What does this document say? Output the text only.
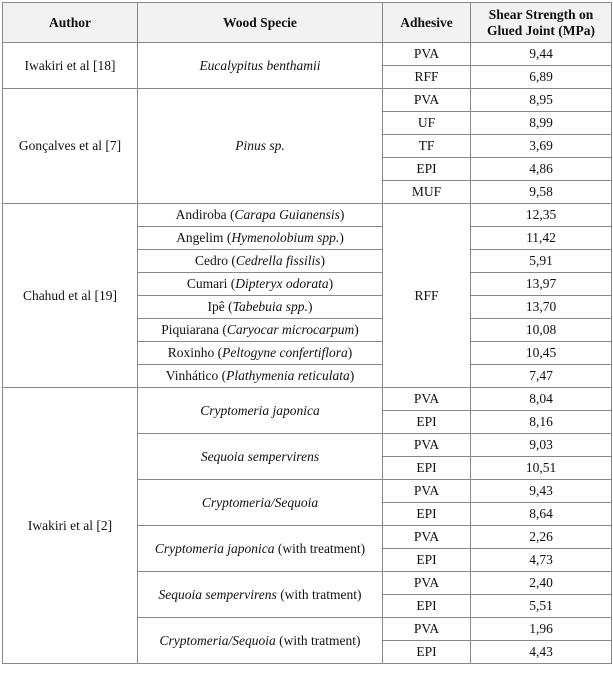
Author	Wood Specie	Adhesive	Shear Strength on
Glued Joint (MPa)
Iwakiri et al [18]	Eucalypitus benthamii	PVA	9,44
		RFF	6,89
Gonçalves et al [7]	Pinus sp.	PVA	8,95
		UF	8,99
		TF	3,69
		EPI	4,86
		MUF	9,58
Chahud et al [19]	Andiroba (Carapa Guianensis)	RFF	12,35
	Angelim (Hymenolobium spp.)		11,42
	Cedro (Cedrella fissilis)		5,91
	Cumari (Dipteryx odorata)		13,97
	Ipê (Tabebuia spp.)		13,70
	Piquiarana (Caryocar microcarpum)		10,08
	Roxinho (Peltogyne confertiflora)		10,45
	Vinhático (Plathymenia reticulata)		7,47
Iwakiri et al [2]	Cryptomeria japonica	PVA	8,04
		EPI	8,16
	Sequoia sempervirens	PVA	9,03
		EPI	10,51
	Cryptomeria/Sequoia	PVA	9,43
		EPI	8,64
	Cryptomeria japonica (with treatment)	PVA	2,26
		EPI	4,73
	Sequoia sempervirens (with tratment)	PVA	2,40
		EPI	5,51
	Cryptomeria/Sequoia (with tratment)	PVA	1,96
		EPI	4,43
